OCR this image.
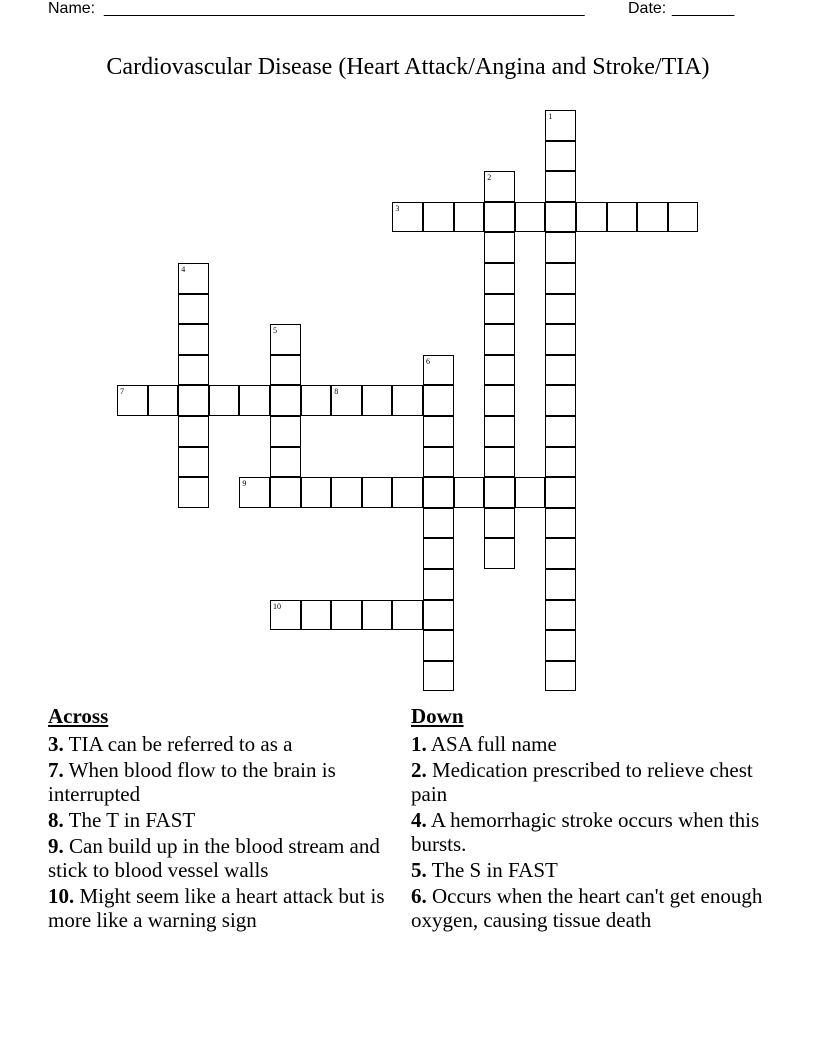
Name: ______________________________________________________	Date: _______
Cardiovascular Disease (Heart Attack/Angina and Stroke/TIA)
1
2
3
4
5
6
7	8
9
10
Across
3. TIA can be referred to as a
7. When blood flow to the brain is interrupted
8. The T in FAST
9. Can build up in the blood stream and stick to blood vessel walls
10. Might seem like a heart attack but is more like a warning sign
Down
1. ASA full name
2. Medication prescribed to relieve chest pain
4. A hemorrhagic stroke occurs when this bursts.
5. The S in FAST
6. Occurs when the heart can't get enough oxygen, causing tissue death
